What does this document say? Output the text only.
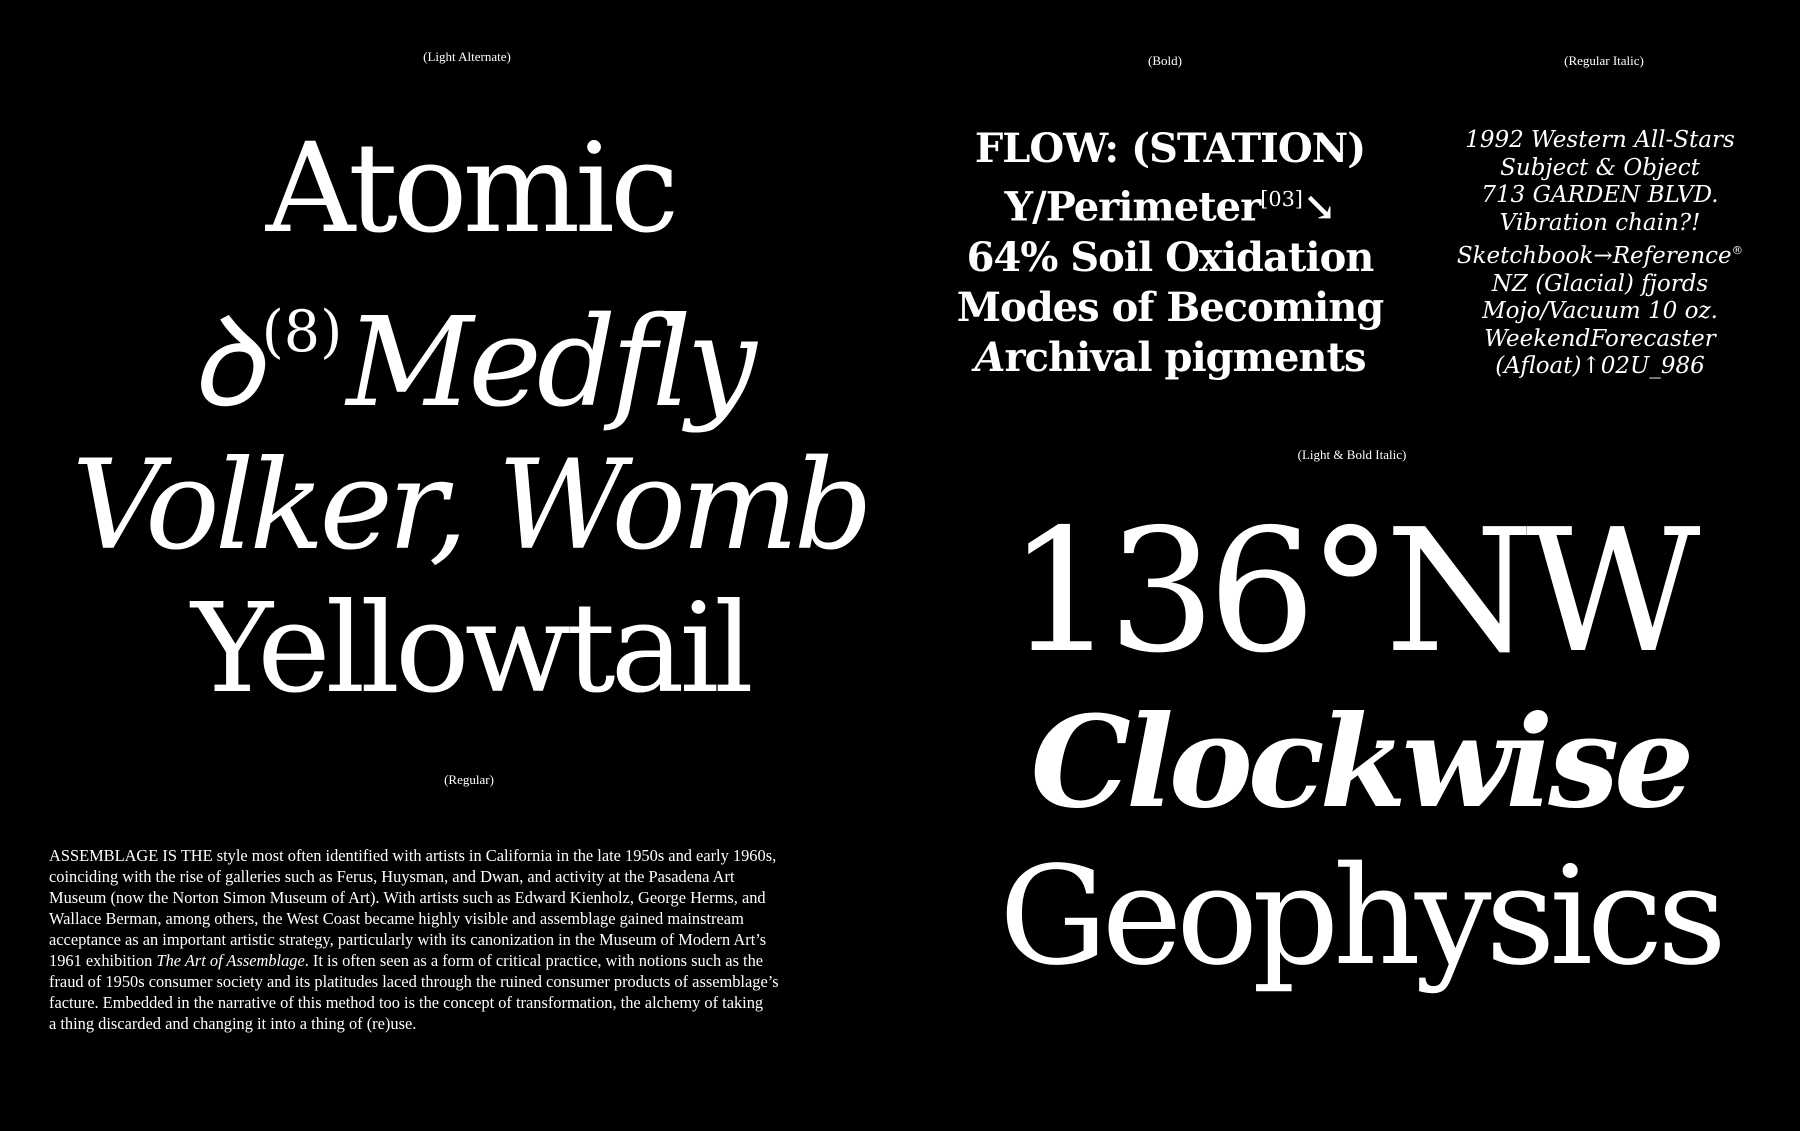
(Light Alternate)	(Bold)	(Regular Italic)
(Light & Bold Italic)
(Regular)
Atomic
ꝺ$^{(8)}$Medfly
Volker, Womb
Yellowtail
FLOW: (STATION)
Y/Perimeter[03]↘
64% Soil Oxidation
Modes of Becoming
Archival pigments
1992 Western All-Stars
Subject & Object
713 GARDEN BLVD.
Vibration chain?!
Sketchbook→Reference®
NZ (Glacial) fjords
Mojo/Vacuum 10 oz.
WeekendForecaster
(Afloat)↑02U_986
136°NW
Clockwise
Geophysics
ASSEMBLAGE IS THE style most often identified with artists in California in the late 1950s and early 1960s,
coinciding with the rise of galleries such as Ferus, Huysman, and Dwan, and activity at the Pasadena Art
Museum (now the Norton Simon Museum of Art). With artists such as Edward Kienholz, George Herms, and
Wallace Berman, among others, the West Coast became highly visible and assemblage gained mainstream
acceptance as an important artistic strategy, particularly with its canonization in the Museum of Modern Art’s
1961 exhibition The Art of Assemblage. It is often seen as a form of critical practice, with notions such as the
fraud of 1950s consumer society and its platitudes laced through the ruined consumer products of assemblage’s
facture. Embedded in the narrative of this method too is the concept of transformation, the alchemy of taking
a thing discarded and changing it into a thing of (re)use.
